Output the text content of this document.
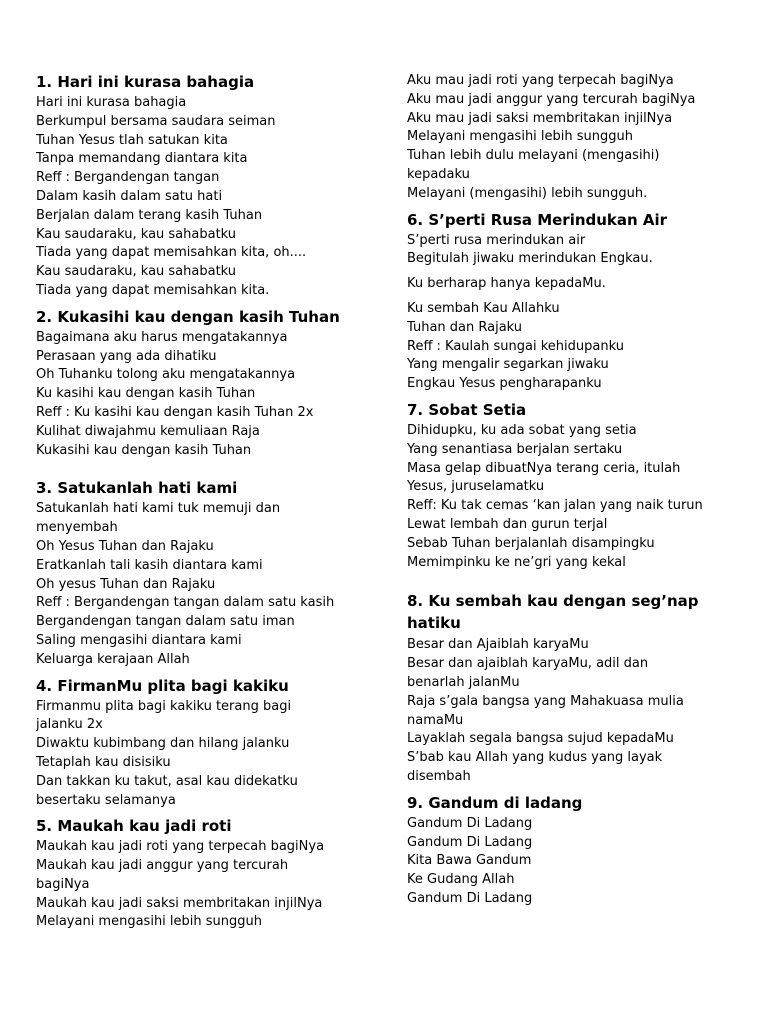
1. Hari ini kurasa bahagia
Hari ini kurasa bahagia
Berkumpul bersama saudara seiman
Tuhan Yesus tlah satukan kita
Tanpa memandang diantara kita
Reff : Bergandengan tangan
Dalam kasih dalam satu hati
Berjalan dalam terang kasih Tuhan
Kau saudaraku, kau sahabatku
Tiada yang dapat memisahkan kita, oh....
Kau saudaraku, kau sahabatku
Tiada yang dapat memisahkan kita.
2. Kukasihi kau dengan kasih Tuhan
Bagaimana aku harus mengatakannya
Perasaan yang ada dihatiku
Oh Tuhanku tolong aku mengatakannya
Ku kasihi kau dengan kasih Tuhan
Reff : Ku kasihi kau dengan kasih Tuhan 2x
Kulihat diwajahmu kemuliaan Raja
Kukasihi kau dengan kasih Tuhan
3. Satukanlah hati kami
Satukanlah hati kami tuk memuji dan
menyembah
Oh Yesus Tuhan dan Rajaku
Eratkanlah tali kasih diantara kami
Oh yesus Tuhan dan Rajaku
Reff : Bergandengan tangan dalam satu kasih
Bergandengan tangan dalam satu iman
Saling mengasihi diantara kami
Keluarga kerajaan Allah
4. FirmanMu plita bagi kakiku
Firmanmu plita bagi kakiku terang bagi
jalanku 2x
Diwaktu kubimbang dan hilang jalanku
Tetaplah kau disisiku
Dan takkan ku takut, asal kau didekatku
besertaku selamanya
5. Maukah kau jadi roti
Maukah kau jadi roti yang terpecah bagiNya
Maukah kau jadi anggur yang tercurah
bagiNya
Maukah kau jadi saksi membritakan injilNya
Melayani mengasihi lebih sungguh
Aku mau jadi roti yang terpecah bagiNya
Aku mau jadi anggur yang tercurah bagiNya
Aku mau jadi saksi membritakan injilNya
Melayani mengasihi lebih sungguh
Tuhan lebih dulu melayani (mengasihi)
kepadaku
Melayani (mengasihi) lebih sungguh.
6. S’perti Rusa Merindukan Air
S’perti rusa merindukan air
Begitulah jiwaku merindukan Engkau.
Ku berharap hanya kepadaMu.
Ku sembah Kau Allahku
Tuhan dan Rajaku
Reff : Kaulah sungai kehidupanku
Yang mengalir segarkan jiwaku
Engkau Yesus pengharapanku
7. Sobat Setia
Dihidupku, ku ada sobat yang setia
Yang senantiasa berjalan sertaku
Masa gelap dibuatNya terang ceria, itulah
Yesus, juruselamatku
Reff: Ku tak cemas ‘kan jalan yang naik turun
Lewat lembah dan gurun terjal
Sebab Tuhan berjalanlah disampingku
Memimpinku ke ne’gri yang kekal
8. Ku sembah kau dengan seg’nap
hatiku
Besar dan Ajaiblah karyaMu
Besar dan ajaiblah karyaMu, adil dan
benarlah jalanMu
Raja s’gala bangsa yang Mahakuasa mulia
namaMu
Layaklah segala bangsa sujud kepadaMu
S’bab kau Allah yang kudus yang layak
disembah
9. Gandum di ladang
Gandum Di Ladang
Gandum Di Ladang
Kita Bawa Gandum
Ke Gudang Allah
Gandum Di Ladang
